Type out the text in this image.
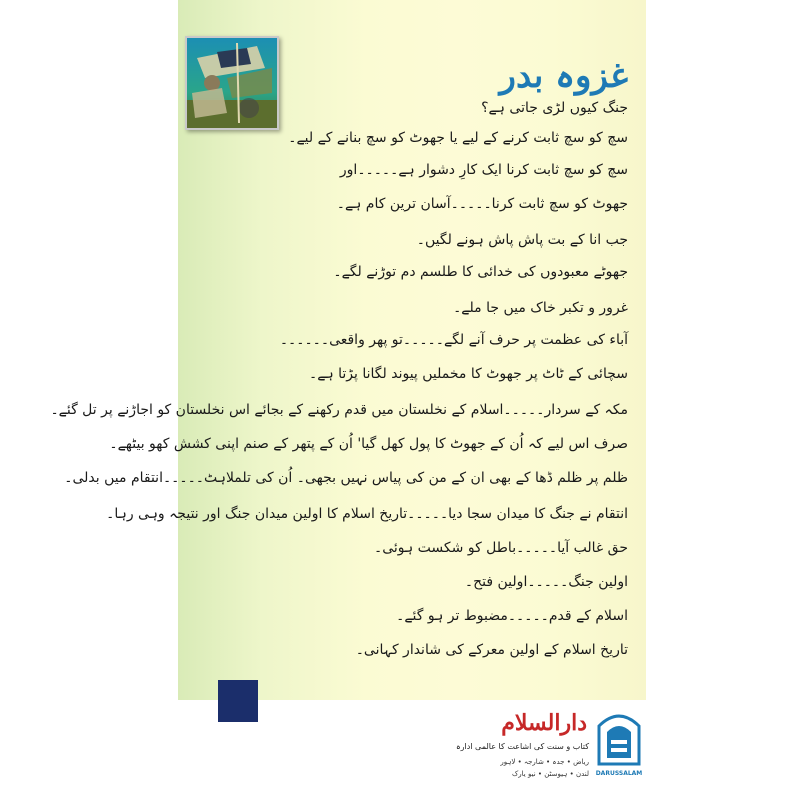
غزوہ بدر
جنگ کیوں لڑی جاتی ہے؟
سچ کو سچ ثابت کرنے کے لیے یا جھوٹ کو سچ بنانے کے لیے۔
سچ کو سچ ثابت کرنا ایک کارِ دشوار ہے۔۔۔۔۔اور
جھوٹ کو سچ ثابت کرنا۔۔۔۔۔آسان ترین کام ہے۔
جب انا کے بت پاش پاش ہونے لگیں۔
جھوٹے معبودوں کی خدائی کا طلسم دم توڑنے لگے۔
غرور و تکبر خاک میں جا ملے۔
آباء کی عظمت پر حرف آنے لگے۔۔۔۔۔تو پھر واقعی۔۔۔۔۔۔
سچائی کے ٹاٹ پر جھوٹ کا مخملیں پیوند لگانا پڑتا ہے۔
مکہ کے سردار۔۔۔۔۔اسلام کے نخلستان میں قدم رکھنے کے بجائے اس نخلستان کو اجاڑنے پر تل گئے۔
صرف اس لیے کہ اُن کے جھوٹ کا پول کھل گیا' اُن کے پتھر کے صنم اپنی کشش کھو بیٹھے۔
ظلم پر ظلم ڈھا کے بھی ان کے من کی پیاس نہیں بجھی۔ اُن کی تلملاہٹ۔۔۔۔۔انتقام میں بدلی۔
انتقام نے جنگ کا میدان سجا دیا۔۔۔۔۔تاریخ اسلام کا اولین میدان جنگ اور نتیجہ وہی رہا۔
حق غالب آیا۔۔۔۔۔باطل کو شکست ہوئی۔
اولین جنگ۔۔۔۔۔اولین فتح۔
اسلام کے قدم۔۔۔۔۔مضبوط تر ہو گئے۔
تاریخ اسلام کے اولین معرکے کی شاندار کہانی۔
دارالسلام
کتاب و سنت کی اشاعت کا عالمی ادارہ
ریاض • جدہ • شارجہ • لاہور
لندن • ہیوسٹن • نیو یارک DARUSSALAM
